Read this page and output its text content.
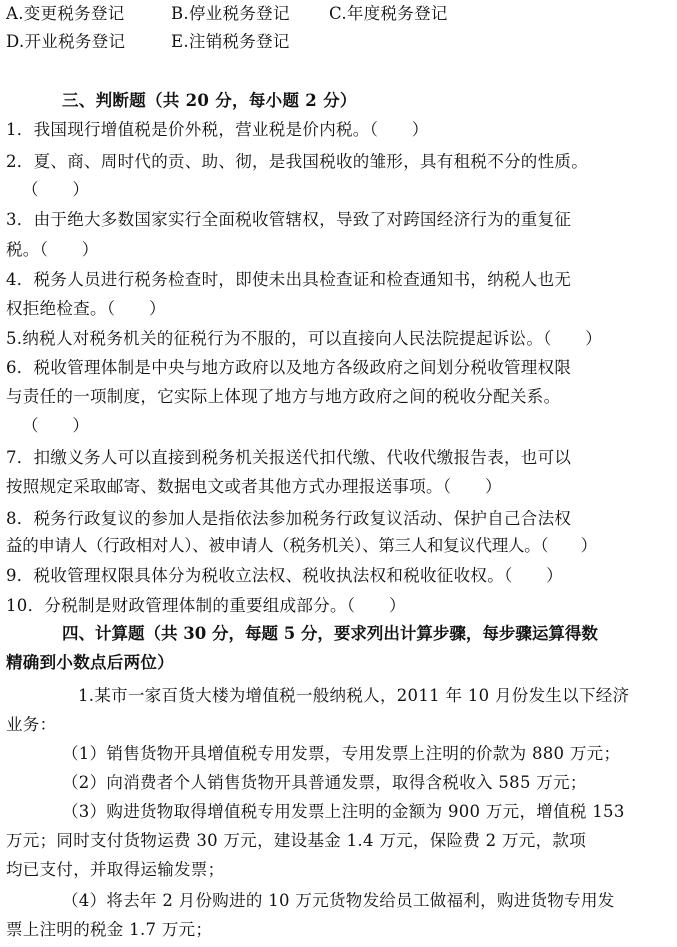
A.变更税务登记	B.停业税务登记 C.年度税务登记
D.开业税务登记	E.注销税务登记
三、判断题（共 20 分，每小题 2 分）
1．我国现行增值税是价外税，营业税是价内税。（　　）
2．夏、商、周时代的贡、助、彻，是我国税收的雏形，具有租税不分的性质。
（　　）
3．由于绝大多数国家实行全面税收管辖权，导致了对跨国经济行为的重复征
税。（　　）
4．税务人员进行税务检查时，即使未出具检查证和检查通知书，纳税人也无
权拒绝检查。（　　）
5.纳税人对税务机关的征税行为不服的，可以直接向人民法院提起诉讼。（　　）
6．税收管理体制是中央与地方政府以及地方各级政府之间划分税收管理权限
与责任的一项制度，它实际上体现了地方与地方政府之间的税收分配关系。
（　　）
7．扣缴义务人可以直接到税务机关报送代扣代缴、代收代缴报告表，也可以
按照规定采取邮寄、数据电文或者其他方式办理报送事项。（　　）
8．税务行政复议的参加人是指依法参加税务行政复议活动、保护自己合法权
益的申请人（行政相对人）、被申请人（税务机关）、第三人和复议代理人。（　　）
9．税收管理权限具体分为税收立法权、税收执法权和税收征收权。（　　）
10．分税制是财政管理体制的重要组成部分。（　　）
四、计算题（共 30 分，每题 5 分，要求列出计算步骤，每步骤运算得数
精确到小数点后两位）
1.某市一家百货大楼为增值税一般纳税人，2011 年 10 月份发生以下经济
业务：
（1）销售货物开具增值税专用发票，专用发票上注明的价款为 880 万元；
（2）向消费者个人销售货物开具普通发票，取得含税收入 585 万元；
（3）购进货物取得增值税专用发票上注明的金额为 900 万元，增值税 153
万元；同时支付货物运费 30 万元，建设基金 1.4 万元，保险费 2 万元，款项
均已支付，并取得运输发票；
（4）将去年 2 月份购进的 10 万元货物发给员工做福利，购进货物专用发
票上注明的税金 1.7 万元；
